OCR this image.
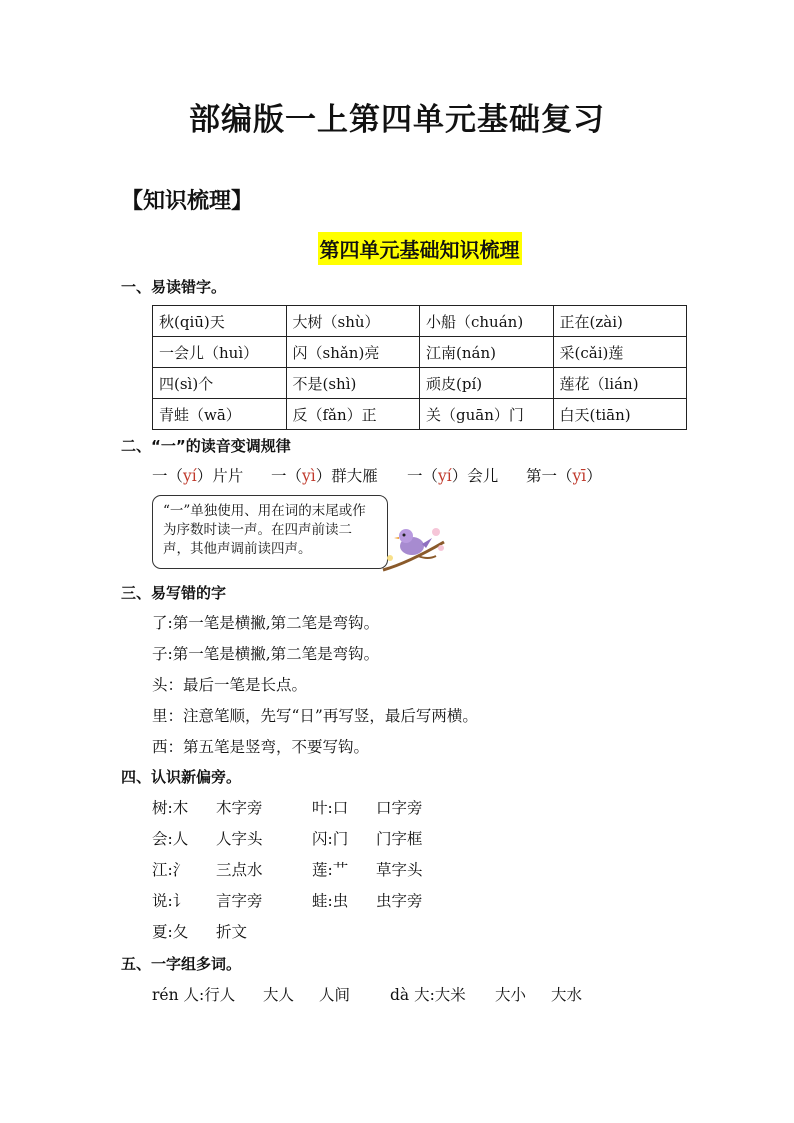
部编版一上第四单元基础复习
【知识梳理】
第四单元基础知识梳理
一、易读错字。
秋(qiū)天	大树（shù）	小船（chuán)	正在(zài)
一会儿（huì）	闪（shǎn)亮	江南(nán)	采(cǎi)莲
四(sì)个	不是(shì)	顽皮(pí)	莲花（lián)
青蛙（wā）	反（fǎn）正	关（guān）门	白天(tiān)
二、“一”的读音变调规律
一（yí）片片 一（yì）群大雁 一（yí）会儿 第一（yī）
“一”单独使用、用在词的末尾或作为序数时读一声。在四声前读二声，其他声调前读四声。
三、易写错的字
了:第一笔是横撇,第二笔是弯钩。
子:第一笔是横撇,第二笔是弯钩。
头：最后一笔是长点。
里：注意笔顺，先写“日”再写竖，最后写两横。
西：第五笔是竖弯，不要写钩。
四、认识新偏旁。
树:木 木字旁	叶:口 口字旁
会:人 人字头	闪:门 门字框
江:氵 三点水	莲:艹 草字头
说:讠 言字旁	蛙:虫 虫字旁
夏:夂 折文
五、一字组多词。
rén 人:行人 大人 人间	dà 大:大米 大小 大水
